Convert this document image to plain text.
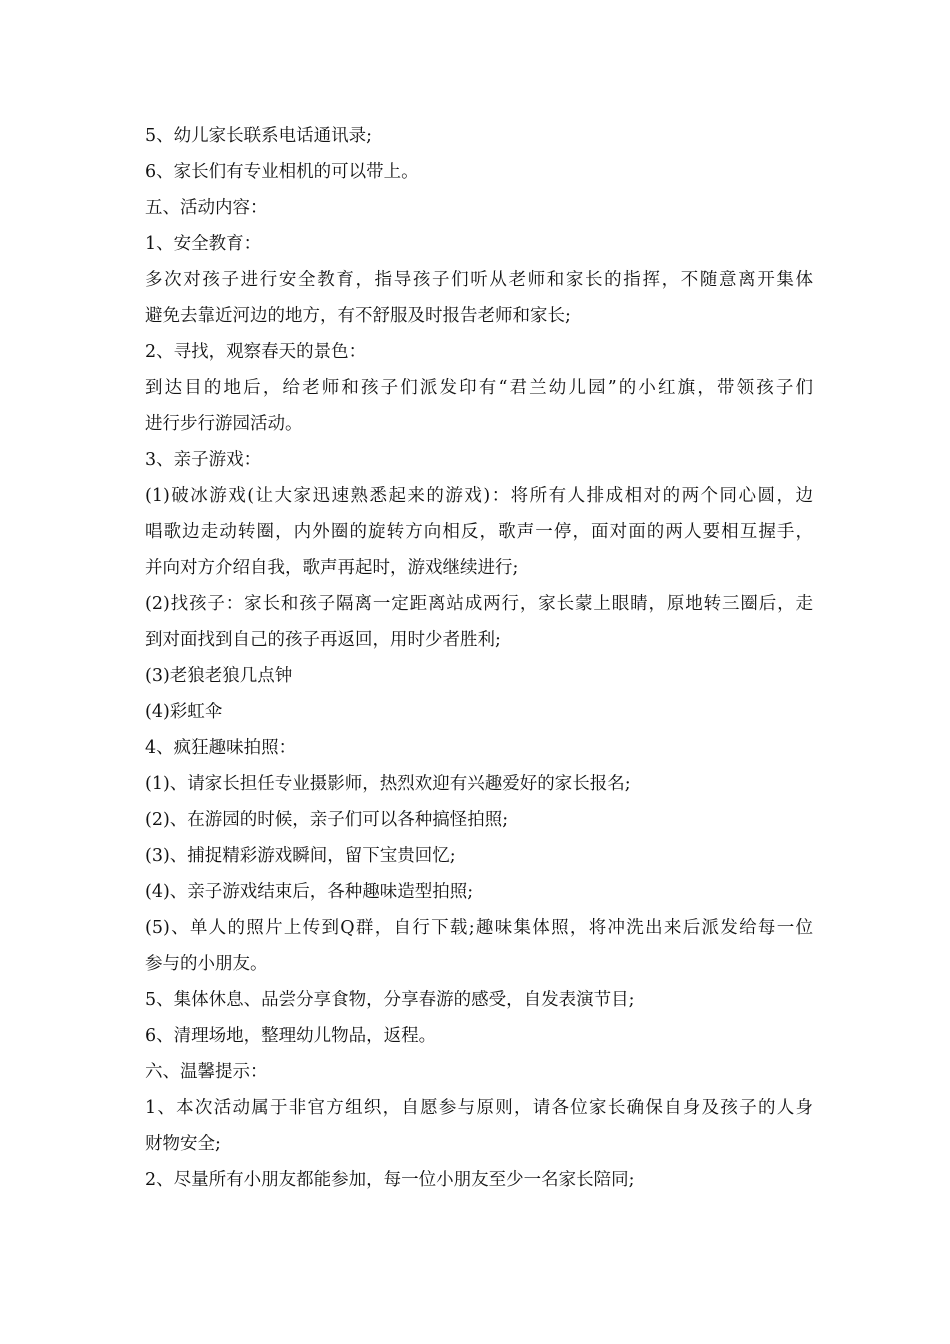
5、幼儿家长联系电话通讯录;
6、家长们有专业相机的可以带上。
五、活动内容：
1、安全教育：
多次对孩子进行安全教育，指导孩子们听从老师和家长的指挥，不随意离开集体
避免去靠近河边的地方，有不舒服及时报告老师和家长;
2、寻找，观察春天的景色：
到达目的地后，给老师和孩子们派发印有“君兰幼儿园”的小红旗，带领孩子们
进行步行游园活动。
3、亲子游戏：
(1)破冰游戏(让大家迅速熟悉起来的游戏)：将所有人排成相对的两个同心圆，边
唱歌边走动转圈，内外圈的旋转方向相反，歌声一停，面对面的两人要相互握手，
并向对方介绍自我，歌声再起时，游戏继续进行;
(2)找孩子：家长和孩子隔离一定距离站成两行，家长蒙上眼睛，原地转三圈后，走
到对面找到自己的孩子再返回，用时少者胜利;
(3)老狼老狼几点钟
(4)彩虹伞
4、疯狂趣味拍照：
(1)、请家长担任专业摄影师，热烈欢迎有兴趣爱好的家长报名;
(2)、在游园的时候，亲子们可以各种搞怪拍照;
(3)、捕捉精彩游戏瞬间，留下宝贵回忆;
(4)、亲子游戏结束后，各种趣味造型拍照;
(5)、单人的照片上传到Q群，自行下载;趣味集体照，将冲洗出来后派发给每一位
参与的小朋友。
5、集体休息、品尝分享食物，分享春游的感受，自发表演节目;
6、清理场地，整理幼儿物品，返程。
六、温馨提示：
1、本次活动属于非官方组织，自愿参与原则，请各位家长确保自身及孩子的人身
财物安全;
2、尽量所有小朋友都能参加，每一位小朋友至少一名家长陪同;
